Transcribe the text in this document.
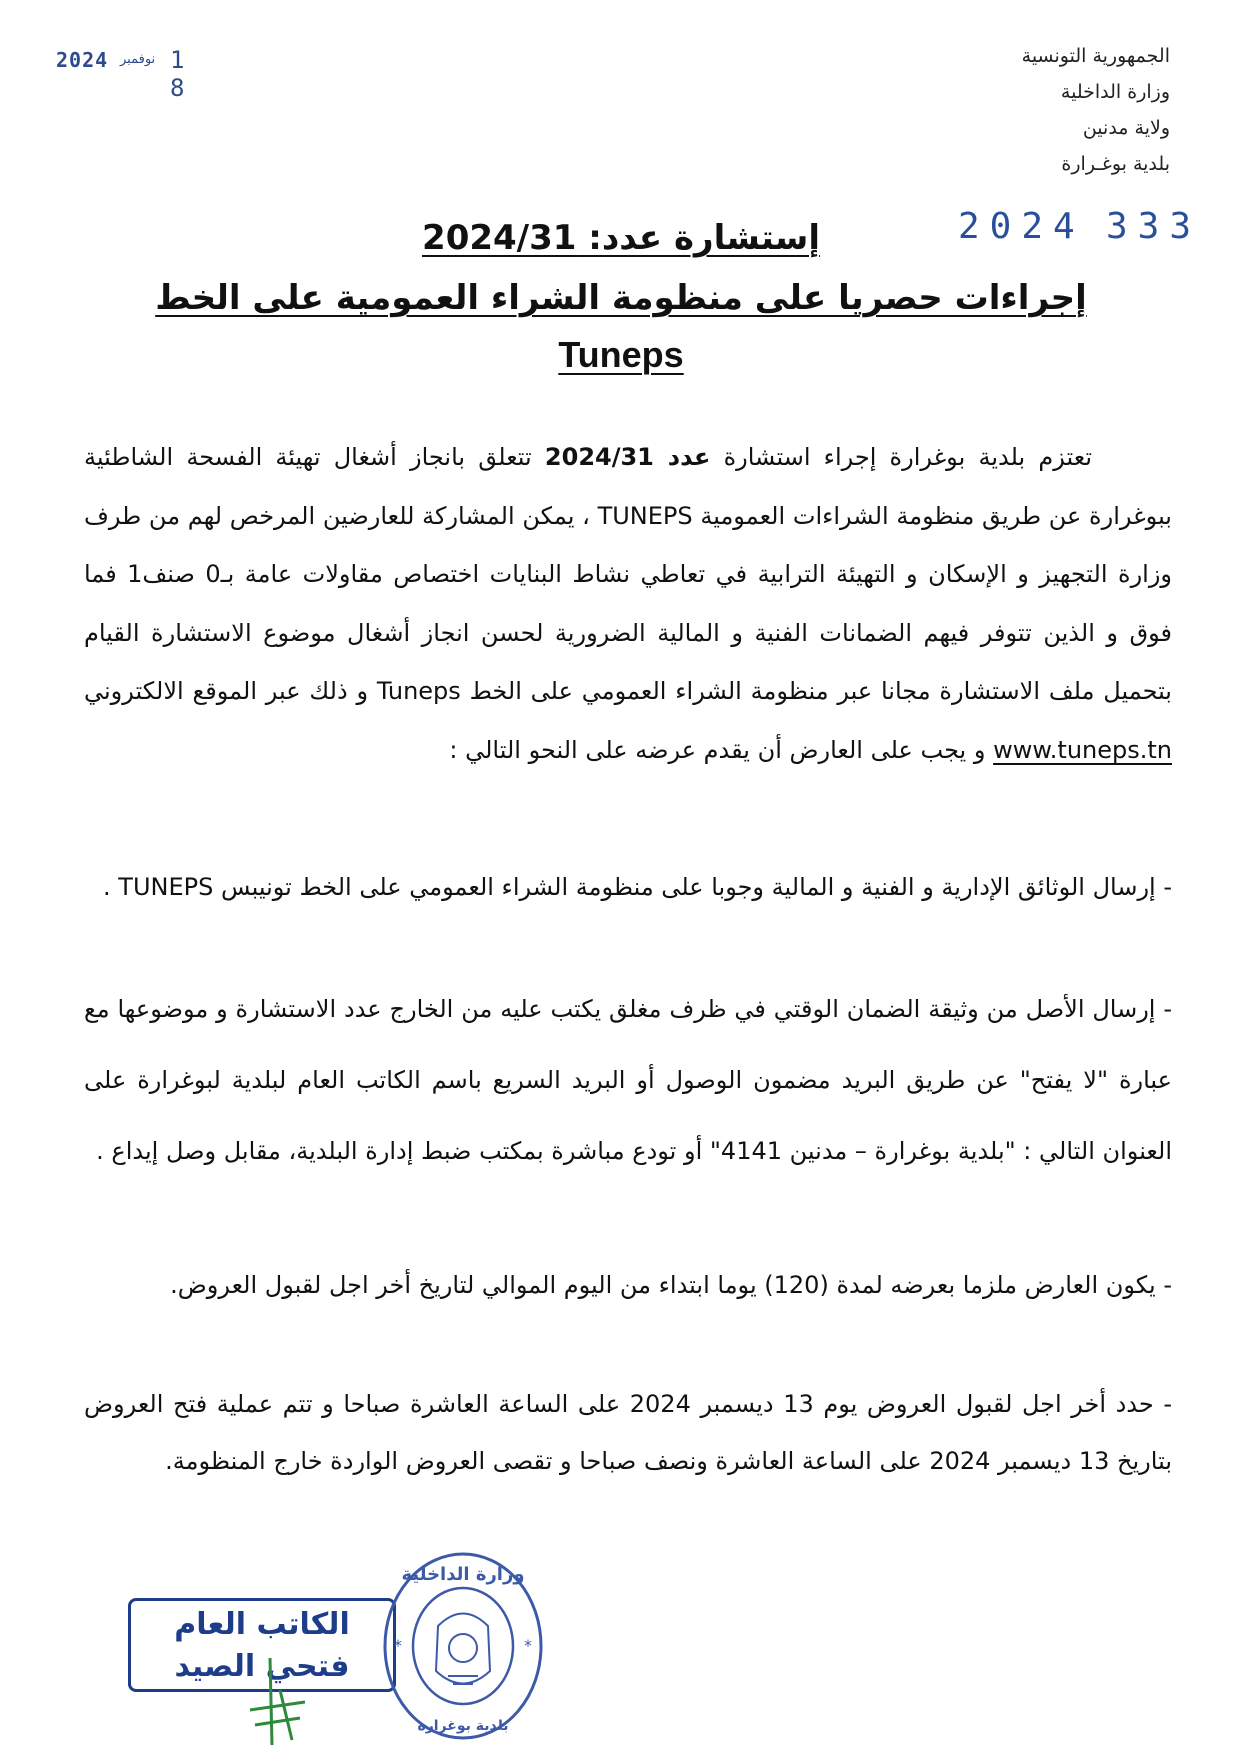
2024 نوفمبر 1 8
الجمهورية التونسية
وزارة الداخلية
ولاية مدنين
بلدية بوغـرارة
2024 333
إستشارة عدد: 2024/31
إجراءات حصريا على منظومة الشراء العمومية على الخط
Tuneps
تعتزم بلدية بوغرارة إجراء استشارة عدد 2024/31 تتعلق بانجاز أشغال تهيئة الفسحة الشاطئية ببوغرارة عن طريق منظومة الشراءات العمومية TUNEPS ، يمكن المشاركة للعارضين المرخص لهم من طرف وزارة التجهيز و الإسكان و التهيئة الترابية في تعاطي نشاط البنايات اختصاص مقاولات عامة بـ0 صنف1 فما فوق و الذين تتوفر فيهم الضمانات الفنية و المالية الضرورية لحسن انجاز أشغال موضوع الاستشارة القيام بتحميل ملف الاستشارة مجانا عبر منظومة الشراء العمومي على الخط Tuneps و ذلك عبر الموقع الالكتروني www.tuneps.tn و يجب على العارض أن يقدم عرضه على النحو التالي :
- إرسال الوثائق الإدارية و الفنية و المالية وجوبا على منظومة الشراء العمومي على الخط تونيبس TUNEPS .
- إرسال الأصل من وثيقة الضمان الوقتي في ظرف مغلق يكتب عليه من الخارج عدد الاستشارة و موضوعها مع عبارة "لا يفتح" عن طريق البريد مضمون الوصول أو البريد السريع باسم الكاتب العام لبلدية لبوغرارة على العنوان التالي : "بلدية بوغرارة – مدنين 4141" أو تودع مباشرة بمكتب ضبط إدارة البلدية، مقابل وصل إيداع .
- يكون العارض ملزما بعرضه لمدة (120) يوما ابتداء من اليوم الموالي لتاريخ أخر اجل لقبول العروض.
- حدد أخر اجل لقبول العروض يوم 13 ديسمبر 2024 على الساعة العاشرة صباحا و تتم عملية فتح العروض بتاريخ 13 ديسمبر 2024 على الساعة العاشرة ونصف صباحا و تقصى العروض الواردة خارج المنظومة.
الكاتب العام
فتحي الصيد
وزارة الداخلية
بلدية بوغرارة
*	*
